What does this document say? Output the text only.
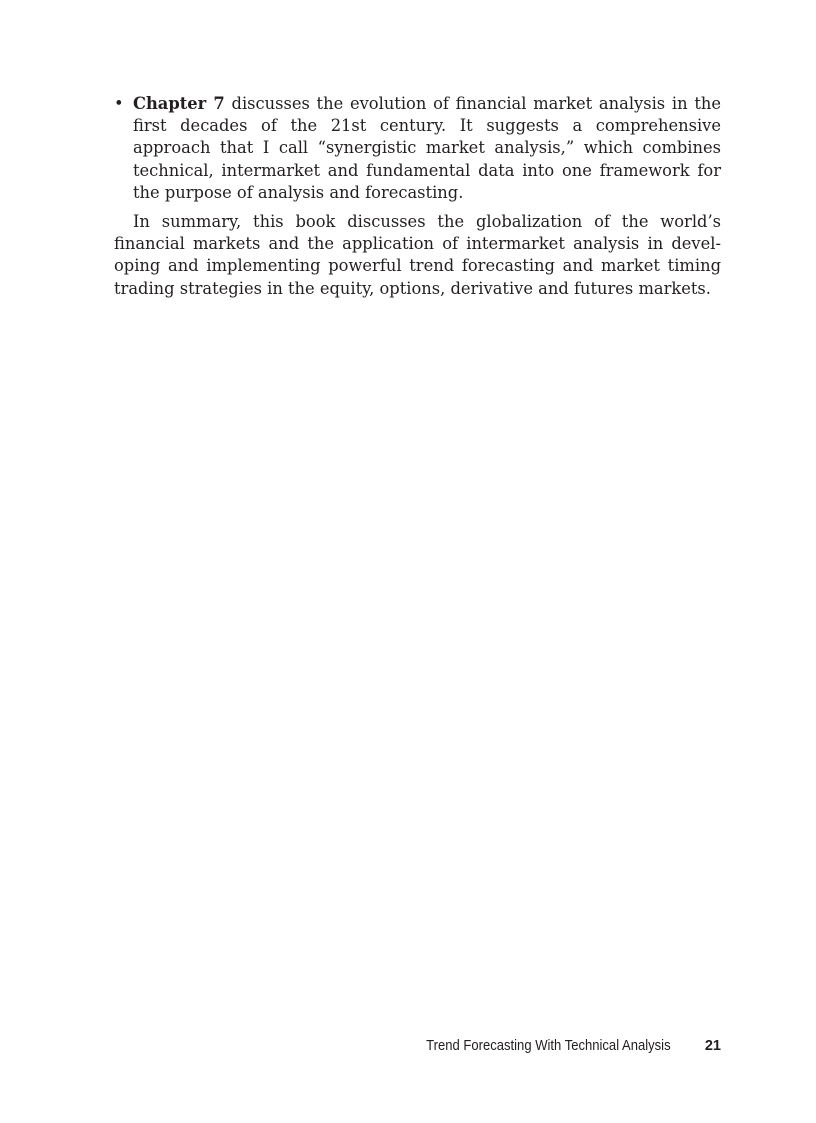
• Chapter 7 discusses the evolution of financial market analysis in the first decades of the 21st century. It suggests a comprehensive approach that I call “synergistic market analysis,” which combines technical, intermarket and fundamental data into one framework for the purpose of analysis and forecasting.

In summary, this book discusses the globalization of the world’s financial markets and the application of intermarket analysis in developing and implementing powerful trend forecasting and market timing trading strategies in the equity, options, derivative and futures markets.

Trend Forecasting With Technical Analysis 21
